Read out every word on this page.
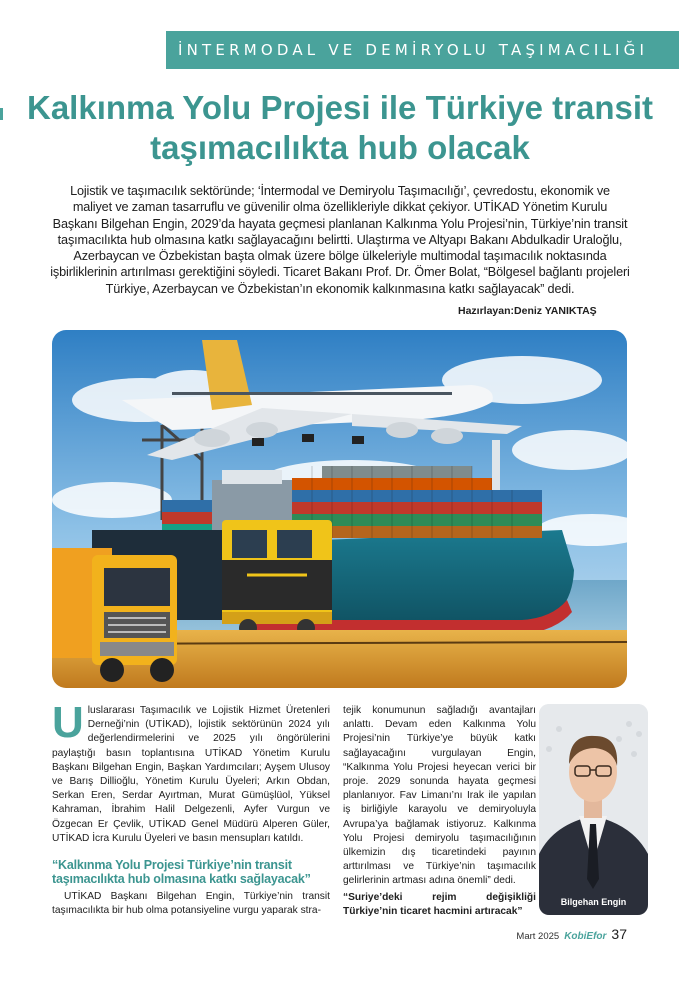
İNTERMODAL VE DEMİRYOLU TAŞIMACILIĞI
Kalkınma Yolu Projesi ile Türkiye transit taşımacılıkta hub olacak

Lojistik ve taşımacılık sektöründe; ‘İntermodal ve Demiryolu Taşımacılığı’, çevredostu, ekonomik ve maliyet ve zaman tasarruflu ve güvenilir olma özellikleriyle dikkat çekiyor. UTİKAD Yönetim Kurulu Başkanı Bilgehan Engin, 2029’da hayata geçmesi planlanan Kalkınma Yolu Projesi’nin, Türkiye’nin transit taşımacılıkta hub olmasına katkı sağlayacağını belirtti. Ulaştırma ve Altyapı Bakanı Abdulkadir Uraloğlu, Azerbaycan ve Özbekistan başta olmak üzere bölge ülkeleriyle multimodal taşımacılık noktasında işbirliklerinin artırılması gerektiğini söyledi. Ticaret Bakanı Prof. Dr. Ömer Bolat, “Bölgesel bağlantı projeleri Türkiye, Azerbaycan ve Özbekistan’ın ekonomik kalkınmasına katkı sağlayacak” dedi.

Hazırlayan:Deniz YANIKTAŞ
U luslararası Taşımacılık ve Lojistik Hizmet Üretenleri Derneği’nin (UTİKAD), lojistik sektörünün 2024 yılı değerlendirmelerini ve 2025 yılı öngörülerini paylaştığı basın toplantısına UTİKAD Yönetim Kurulu Başkanı Bilgehan Engin, Başkan Yardımcıları; Ayşem Ulusoy ve Barış Dillioğlu, Yönetim Kurulu Üyeleri; Arkın Obdan, Serkan Eren, Serdar Ayırtman, Murat Gümüşlüol, Yüksel Kahraman, İbrahim Halil Delgezenli, Ayfer Vurgun ve Özgecan Er Çevlik, UTİKAD Genel Müdürü Alperen Güler, UTİKAD İcra Kurulu Üyeleri ve basın mensupları katıldı.
“Kalkınma Yolu Projesi Türkiye’nin transit taşımacılıkta hub olmasına katkı sağlayacak”

UTİKAD Başkanı Bilgehan Engin, Türkiye’nin transit taşımacılıkta bir hub olma potansiyeline vurgu yaparak stra-

tejik konumunun sağladığı avantajları anlattı. Devam eden Kalkınma Yolu Projesi’nin Türkiye’ye büyük katkı sağlayacağını vurgulayan Engin, “Kalkınma Yolu Projesi heyecan verici bir proje. 2029 sonunda hayata geçmesi planlanıyor. Fav Limanı’nı Irak ile yapılan iş birliğiyle karayolu ve demiryoluyla Avrupa’ya bağlamak istiyoruz. Kalkınma Yolu Projesi demiryolu taşımacılığının ülkemizin dış ticaretindeki payının arttırılması ve Türkiye’nin taşımacılık gelirlerinin artması adına önemli” dedi.

“Suriye’deki rejim değişikliği Türkiye’nin ticaret hacmini artıracak”

Bilgehan Engin
Mart 2025 KobiEfor 37
